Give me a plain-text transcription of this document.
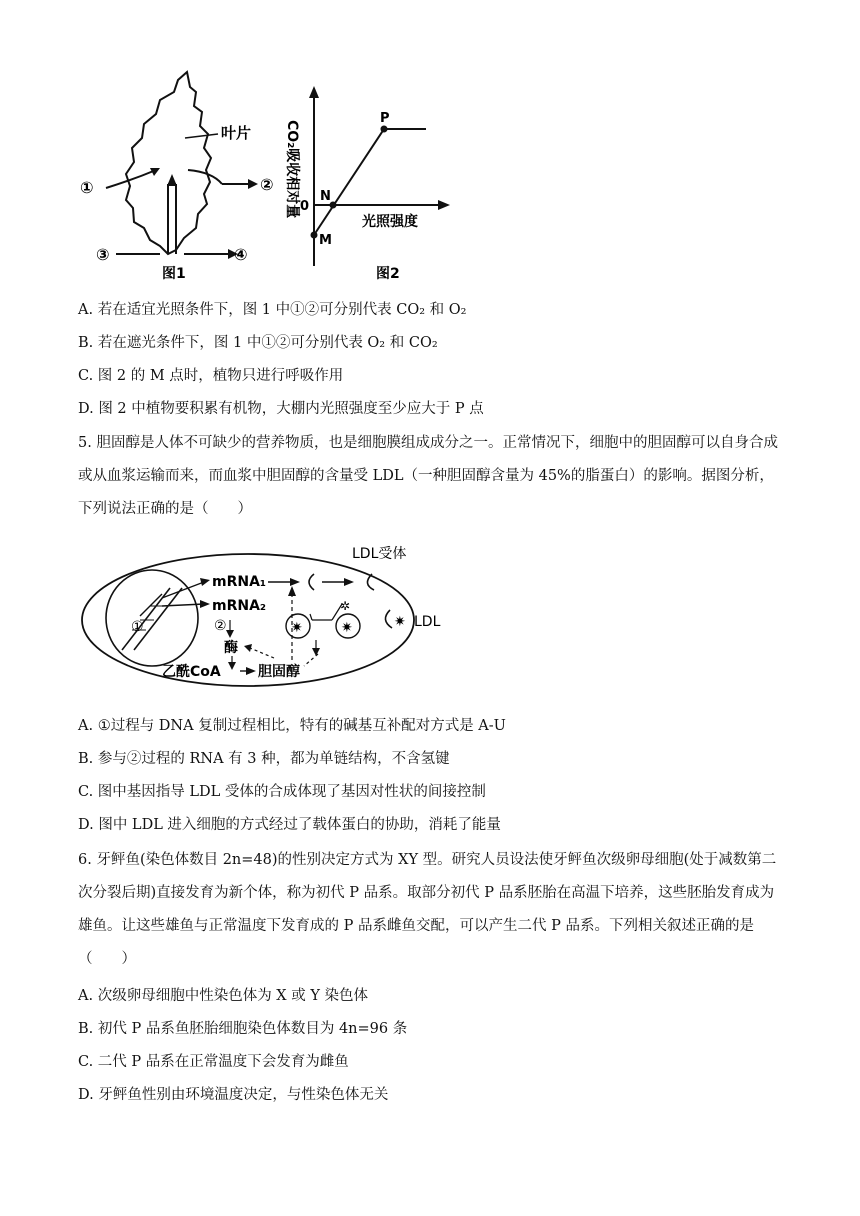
叶片
①	②
③	④
图1
P
N
M
0
光照强度
CO₂吸收相对量
图2
A. 若在适宜光照条件下，图 1 中①②可分别代表 CO₂ 和 O₂
B. 若在遮光条件下，图 1 中①②可分别代表 O₂ 和 CO₂
C. 图 2 的 M 点时，植物只进行呼吸作用
D. 图 2 中植物要积累有机物，大棚内光照强度至少应大于 P 点
5. 胆固醇是人体不可缺少的营养物质，也是细胞膜组成成分之一。正常情况下，细胞中的胆固醇可以自身合成或从血浆运输而来，而血浆中胆固醇的含量受 LDL（一种胆固醇含量为 45%的脂蛋白）的影响。据图分析，下列说法正确的是（　　）
①
mRNA₁
mRNA₂
LDL受体
②
酶
乙酰CoA	胆固醇
✷	✷
✲
✷ LDL
A. ①过程与 DNA 复制过程相比，特有的碱基互补配对方式是 A-U
B. 参与②过程的 RNA 有 3 种，都为单链结构，不含氢键
C. 图中基因指导 LDL 受体的合成体现了基因对性状的间接控制
D. 图中 LDL 进入细胞的方式经过了载体蛋白的协助，消耗了能量
6. 牙鲆鱼(染色体数目 2n=48)的性别决定方式为 XY 型。研究人员设法使牙鲆鱼次级卵母细胞(处于减数第二次分裂后期)直接发育为新个体，称为初代 P 品系。取部分初代 P 品系胚胎在高温下培养，这些胚胎发育成为雄鱼。让这些雄鱼与正常温度下发育成的 P 品系雌鱼交配，可以产生二代 P 品系。下列相关叙述正确的是（　　）
A. 次级卵母细胞中性染色体为 X 或 Y 染色体
B. 初代 P 品系鱼胚胎细胞染色体数目为 4n=96 条
C. 二代 P 品系在正常温度下会发育为雌鱼
D. 牙鲆鱼性别由环境温度决定，与性染色体无关
